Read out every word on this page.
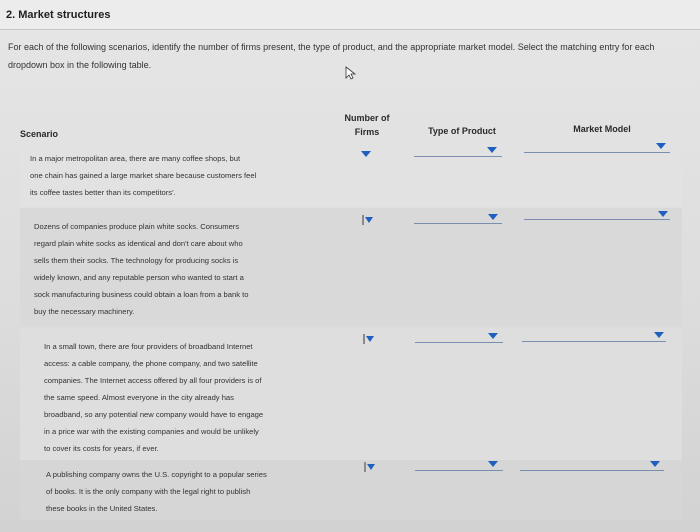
2. Market structures
For each of the following scenarios, identify the number of firms present, the type of product, and the appropriate market model. Select the matching entry for each dropdown box in the following table.
Scenario
Number of
Firms	Type of Product	Market Model
In a major metropolitan area, there are many coffee shops, but
one chain has gained a large market share because customers feel
its coffee tastes better than its competitors'.
Dozens of companies produce plain white socks. Consumers
regard plain white socks as identical and don't care about who
sells them their socks. The technology for producing socks is
widely known, and any reputable person who wanted to start a
sock manufacturing business could obtain a loan from a bank to
buy the necessary machinery.
In a small town, there are four providers of broadband Internet
access: a cable company, the phone company, and two satellite
companies. The Internet access offered by all four providers is of
the same speed. Almost everyone in the city already has
broadband, so any potential new company would have to engage
in a price war with the existing companies and would be unlikely
to cover its costs for years, if ever.
A publishing company owns the U.S. copyright to a popular series
of books. It is the only company with the legal right to publish
these books in the United States.
